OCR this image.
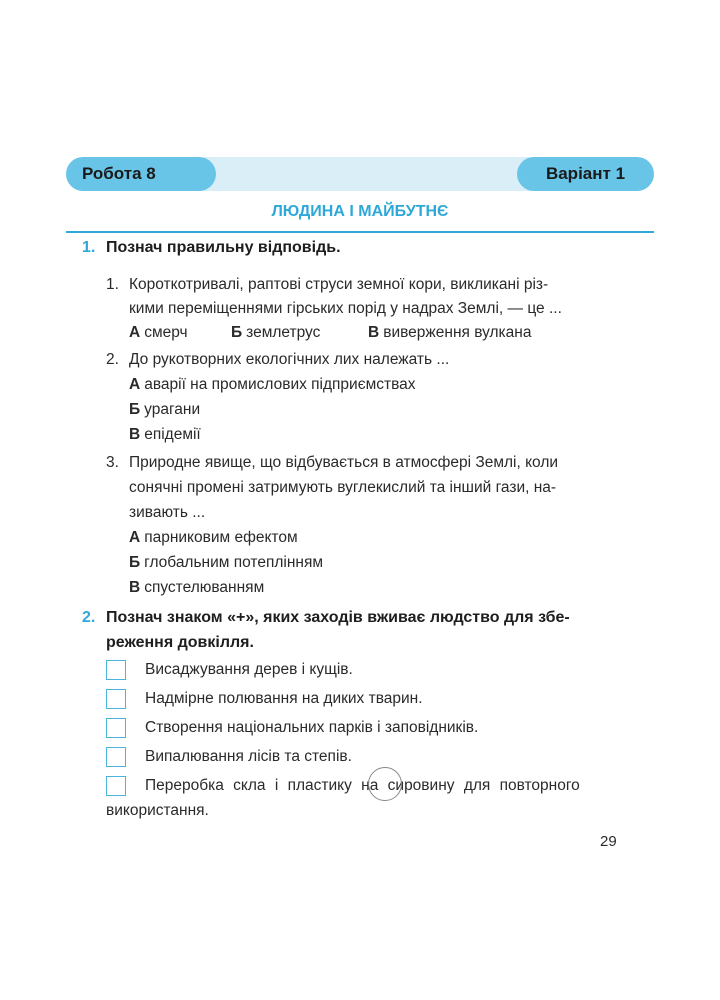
Робота 8	Варіант 1
ЛЮДИНА І МАЙБУТНЄ
1. Познач правильну відповідь.
1. Короткотривалі, раптові струси земної кори, викликані різ-
кими переміщеннями гірських порід у надрах Землі, — це ...
А смерч	Б землетрус	В виверження вулкана
2. До рукотворних екологічних лих належать ...
А аварії на промислових підприємствах
Б урагани
В епідемії
3. Природне явище, що відбувається в атмосфері Землі, коли
сонячні промені затримують вуглекислий та інший гази, на-
зивають ...
А парниковим ефектом
Б глобальним потеплінням
В спустелюванням
2. Познач знаком «+», яких заходів вживає людство для збе-
реження довкілля.
Висаджування дерев і кущів.
Надмірне полювання на диких тварин.
Створення національних парків і заповідників.
Випалювання лісів та степів.
Переробка скла і пластику на сировину для повторного
використання.
29
